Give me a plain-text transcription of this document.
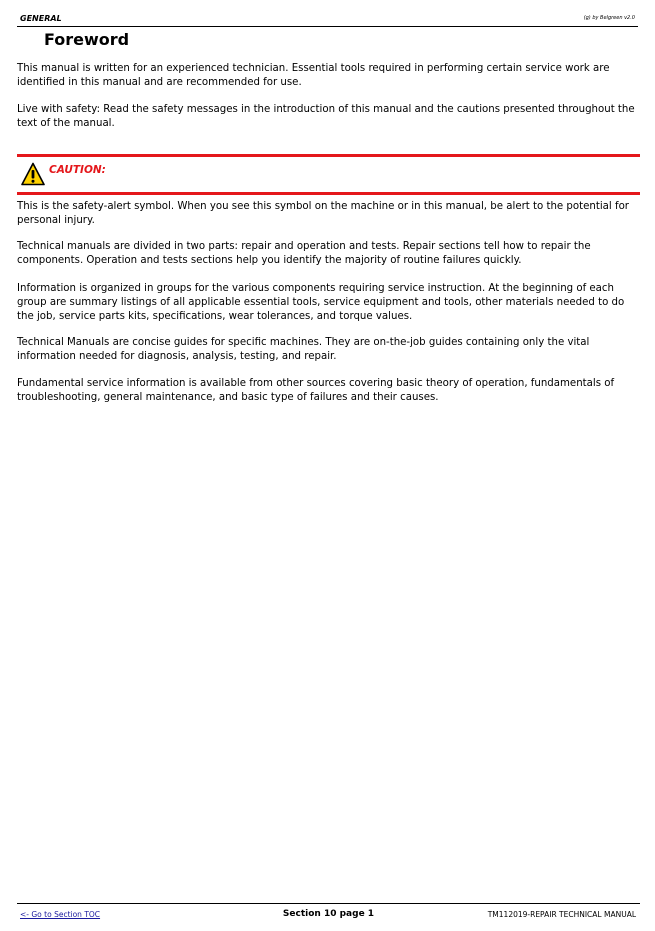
GENERAL	(g) by Belgreen v2.0
Foreword

This manual is written for an experienced technician. Essential tools required in performing certain service work are identified in this manual and are recommended for use.

Live with safety: Read the safety messages in the introduction of this manual and the cautions presented throughout the text of the manual.

CAUTION:

This is the safety-alert symbol. When you see this symbol on the machine or in this manual, be alert to the potential for personal injury.

Technical manuals are divided in two parts: repair and operation and tests. Repair sections tell how to repair the components. Operation and tests sections help you identify the majority of routine failures quickly.

Information is organized in groups for the various components requiring service instruction. At the beginning of each group are summary listings of all applicable essential tools, service equipment and tools, other materials needed to do the job, service parts kits, specifications, wear tolerances, and torque values.

Technical Manuals are concise guides for specific machines. They are on-the-job guides containing only the vital information needed for diagnosis, analysis, testing, and repair.

Fundamental service information is available from other sources covering basic theory of operation, fundamentals of troubleshooting, general maintenance, and basic type of failures and their causes.

<- Go to Section TOC	Section 10 page 1	TM112019-REPAIR TECHNICAL MANUAL
